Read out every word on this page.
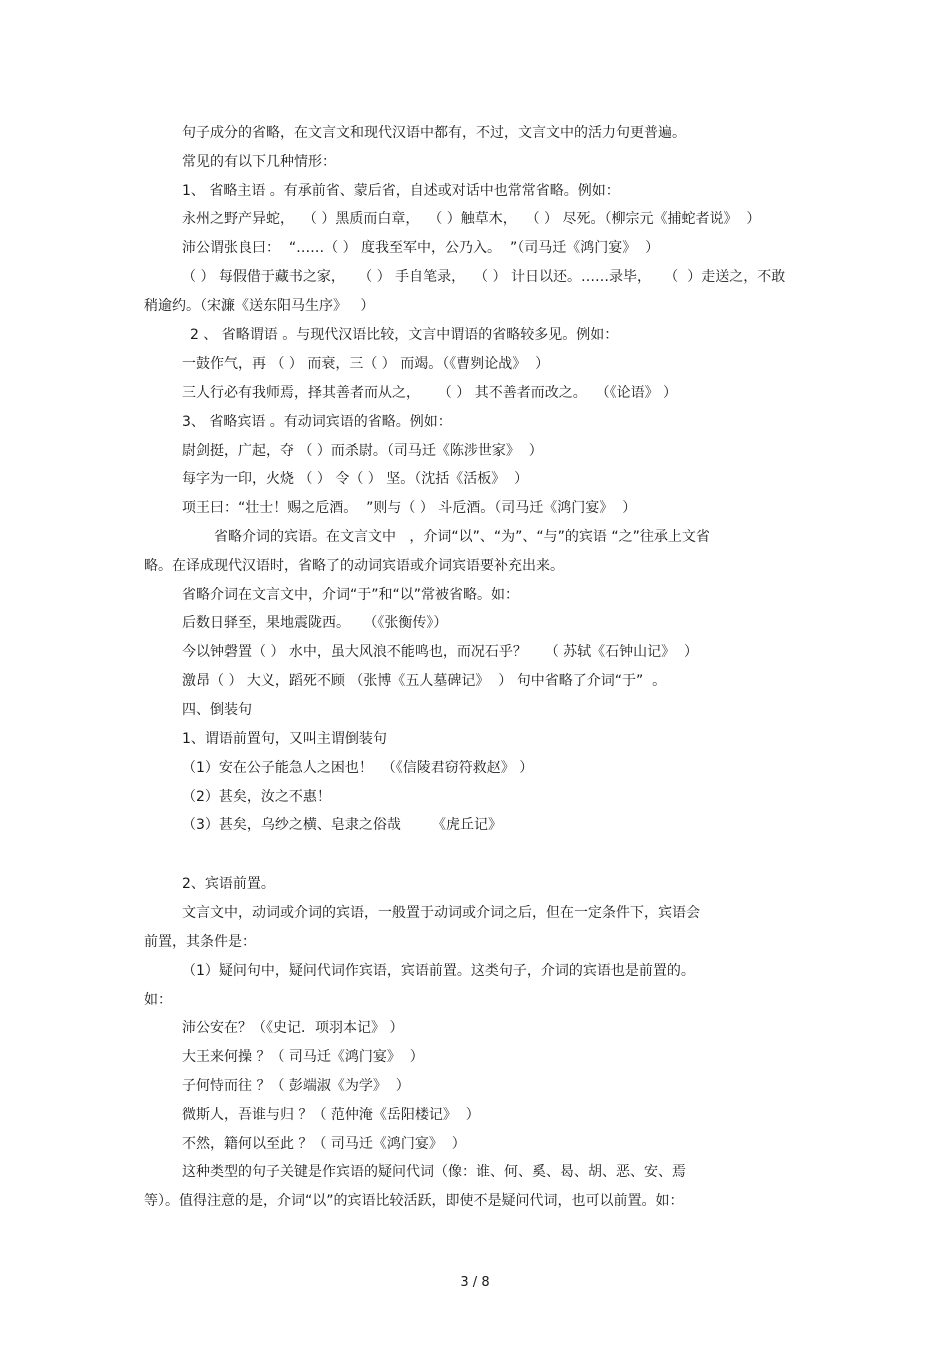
句子成分的省略，在文言文和现代汉语中都有，不过，文言文中的活力句更普遍。
常见的有以下几种情形：
1、 省略主语 。有承前省、蒙后省，自述或对话中也常常省略。例如：
永州之野产异蛇，  （ ）黑质而白章，  （ ）触草木，  （ ） 尽死。（柳宗元《捕蛇者说》  ）
沛公谓张良曰：  “……（ ） 度我至军中，公乃入。  ”（司马迁《鸿门宴》  ）
（ ） 每假借于藏书之家，   （ ） 手自笔录，  （ ） 计日以还。……录毕，   （  ）走送之，不敢
稍逾约。（宋濂《送东阳马生序》   ）
2 、 省略谓语 。与现代汉语比较，文言中谓语的省略较多见。例如：
一鼓作气，再 （ ） 而衰，三（ ） 而竭。（《曹刿论战》  ）
三人行必有我师焉，择其善者而从之，    （ ） 其不善者而改之。  （《论语》 ）
3、 省略宾语 。有动词宾语的省略。例如：
尉剑挺，广起，夺 （ ）而杀尉。（司马迁《陈涉世家》  ）
每字为一印，火烧 （ ） 令（ ） 坚。（沈括《活板》  ）
项王曰：“壮士！赐之卮酒。  ”则与（ ） 斗卮酒。（司马迁《鸿门宴》  ）
省略介词的宾语。在文言文中   ，介词“以”、“为”、“与”的宾语 “之”往承上文省
略。在译成现代汉语时，省略了的动词宾语或介词宾语要补充出来。
省略介词在文言文中，介词“于”和“以”常被省略。如：
后数日驿至，果地震陇西。   （《张衡传》）
今以钟磬置（ ） 水中，虽大风浪不能鸣也，而况石乎？    （ 苏轼《石钟山记》  ）
激昂（ ） 大义，蹈死不顾 （张博《五人墓碑记》  ） 句中省略了介词“于”  。
四、倒装句
1、谓语前置句，又叫主谓倒装句
（1）安在公子能急人之困也！  （《信陵君窃符救赵》 ）
（2）甚矣，汝之不惠！
（3）甚矣，乌纱之横、皂隶之俗哉       《虎丘记》
2、宾语前置。
文言文中，动词或介词的宾语，一般置于动词或介词之后，但在一定条件下，宾语会
前置，其条件是：
（1）疑问句中，疑问代词作宾语，宾语前置。这类句子，介词的宾语也是前置的。
如：
沛公安在？（《史记．项羽本记》 ）
大王来何操 ？（ 司马迁《鸿门宴》  ）
子何恃而往 ？（ 彭端淑《为学》  ）
微斯人，吾谁与归 ？（ 范仲淹《岳阳楼记》  ）
不然，籍何以至此 ？（ 司马迁《鸿门宴》  ）
这种类型的句子关键是作宾语的疑问代词（像：谁、何、奚、曷、胡、恶、安、焉
等）。值得注意的是，介词“以”的宾语比较活跃，即使不是疑问代词，也可以前置。如：
3 / 8
